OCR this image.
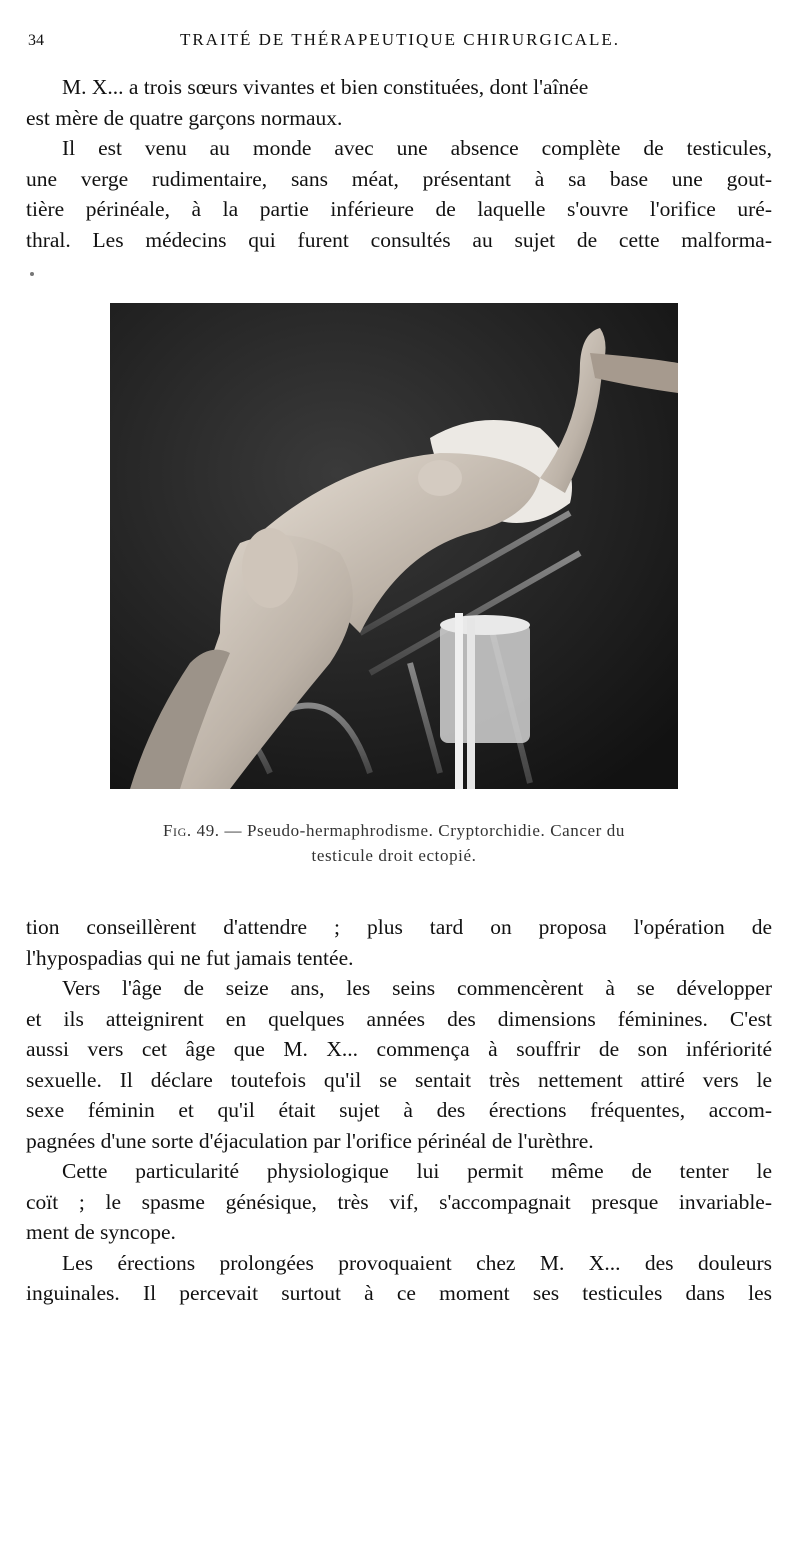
34	TRAITÉ DE THÉRAPEUTIQUE CHIRURGICALE.
M. X... a trois sœurs vivantes et bien constituées, dont l'aînée
est mère de quatre garçons normaux.
Il est venu au monde avec une absence complète de testicules,
une verge rudimentaire, sans méat, présentant à sa base une gout-
tière périnéale, à la partie inférieure de laquelle s'ouvre l'orifice uré-
thral. Les médecins qui furent consultés au sujet de cette malforma-
Fig. 49. — Pseudo-hermaphrodisme. Cryptorchidie. Cancer du
testicule droit ectopié.
tion conseillèrent d'attendre ; plus tard on proposa l'opération de
l'hypospadias qui ne fut jamais tentée.
Vers l'âge de seize ans, les seins commencèrent à se développer
et ils atteignirent en quelques années des dimensions féminines. C'est
aussi vers cet âge que M. X... commença à souffrir de son infériorité
sexuelle. Il déclare toutefois qu'il se sentait très nettement attiré vers le
sexe féminin et qu'il était sujet à des érections fréquentes, accom-
pagnées d'une sorte d'éjaculation par l'orifice périnéal de l'urèthre.
Cette particularité physiologique lui permit même de tenter le
coït ; le spasme génésique, très vif, s'accompagnait presque invariable-
ment de syncope.
Les érections prolongées provoquaient chez M. X... des douleurs
inguinales. Il percevait surtout à ce moment ses testicules dans les
